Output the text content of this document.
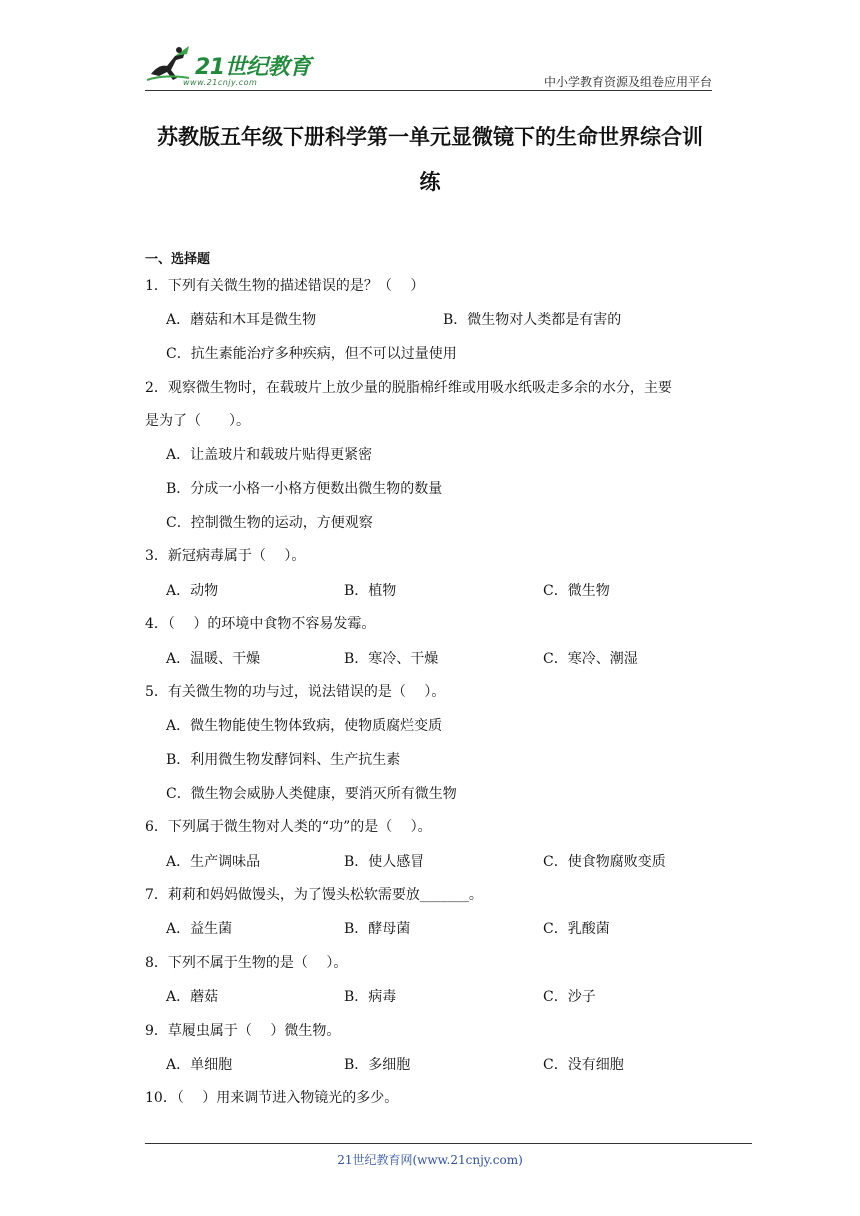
21世纪教育
www.21cnjy.com	中小学教育资源及组卷应用平台
苏教版五年级下册科学第一单元显微镜下的生命世界综合训
练
一、选择题
1．下列有关微生物的描述错误的是？（　 ）
A．蘑菇和木耳是微生物	B．微生物对人类都是有害的
C．抗生素能治疗多种疾病，但不可以过量使用
2．观察微生物时，在载玻片上放少量的脱脂棉纤维或用吸水纸吸走多余的水分，主要
是为了（　　）。
A．让盖玻片和载玻片贴得更紧密
B．分成一小格一小格方便数出微生物的数量
C．控制微生物的运动，方便观察
3．新冠病毒属于（　 ）。
A．动物	B．植物	C．微生物
4．（　 ）的环境中食物不容易发霉。
A．温暖、干燥	B．寒冷、干燥	C．寒冷、潮湿
5．有关微生物的功与过，说法错误的是（　 ）。
A．微生物能使生物体致病，使物质腐烂变质
B．利用微生物发酵饲料、生产抗生素
C．微生物会威胁人类健康，要消灭所有微生物
6．下列属于微生物对人类的“功”的是（　 ）。
A．生产调味品	B．使人感冒	C．使食物腐败变质
7．莉莉和妈妈做馒头，为了馒头松软需要放_______。
A．益生菌	B．酵母菌	C．乳酸菌
8．下列不属于生物的是（　 ）。
A．蘑菇	B．病毒	C．沙子
9．草履虫属于（　 ）微生物。
A．单细胞	B．多细胞	C．没有细胞
10．（　 ）用来调节进入物镜光的多少。
21世纪教育网(www.21cnjy.com)
